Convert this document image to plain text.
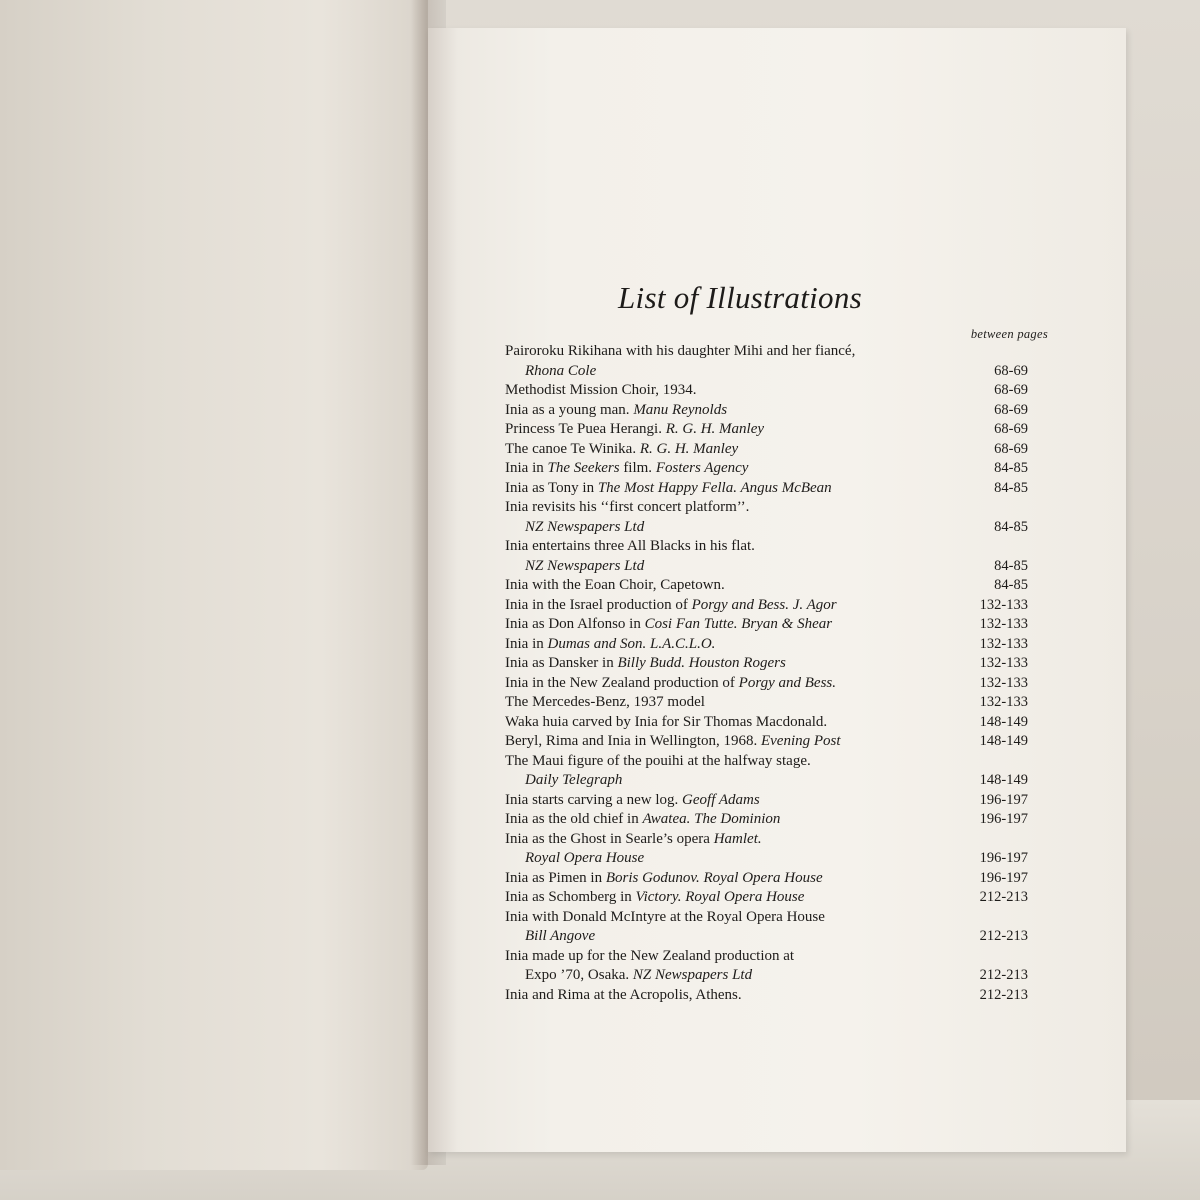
List of Illustrations
between pages
Pairoroku Rikihana with his daughter Mihi and her fiancé,
Rhona Cole	68-69
Methodist Mission Choir, 1934.	68-69
Inia as a young man. Manu Reynolds	68-69
Princess Te Puea Herangi. R. G. H. Manley	68-69
The canoe Te Winika. R. G. H. Manley	68-69
Inia in The Seekers film. Fosters Agency	84-85
Inia as Tony in The Most Happy Fella. Angus McBean	84-85
Inia revisits his ‘‘first concert platform’’.
NZ Newspapers Ltd	84-85
Inia entertains three All Blacks in his flat.
NZ Newspapers Ltd	84-85
Inia with the Eoan Choir, Capetown.	84-85
Inia in the Israel production of Porgy and Bess. J. Agor	132-133
Inia as Don Alfonso in Cosi Fan Tutte. Bryan & Shear	132-133
Inia in Dumas and Son. L.A.C.L.O.	132-133
Inia as Dansker in Billy Budd. Houston Rogers	132-133
Inia in the New Zealand production of Porgy and Bess.	132-133
The Mercedes-Benz, 1937 model	132-133
Waka huia carved by Inia for Sir Thomas Macdonald.	148-149
Beryl, Rima and Inia in Wellington, 1968. Evening Post	148-149
The Maui figure of the pouihi at the halfway stage.
Daily Telegraph	148-149
Inia starts carving a new log. Geoff Adams	196-197
Inia as the old chief in Awatea. The Dominion	196-197
Inia as the Ghost in Searle’s opera Hamlet.
Royal Opera House	196-197
Inia as Pimen in Boris Godunov. Royal Opera House	196-197
Inia as Schomberg in Victory. Royal Opera House	212-213
Inia with Donald McIntyre at the Royal Opera House
Bill Angove	212-213
Inia made up for the New Zealand production at
Expo ’70, Osaka. NZ Newspapers Ltd	212-213
Inia and Rima at the Acropolis, Athens.	212-213
